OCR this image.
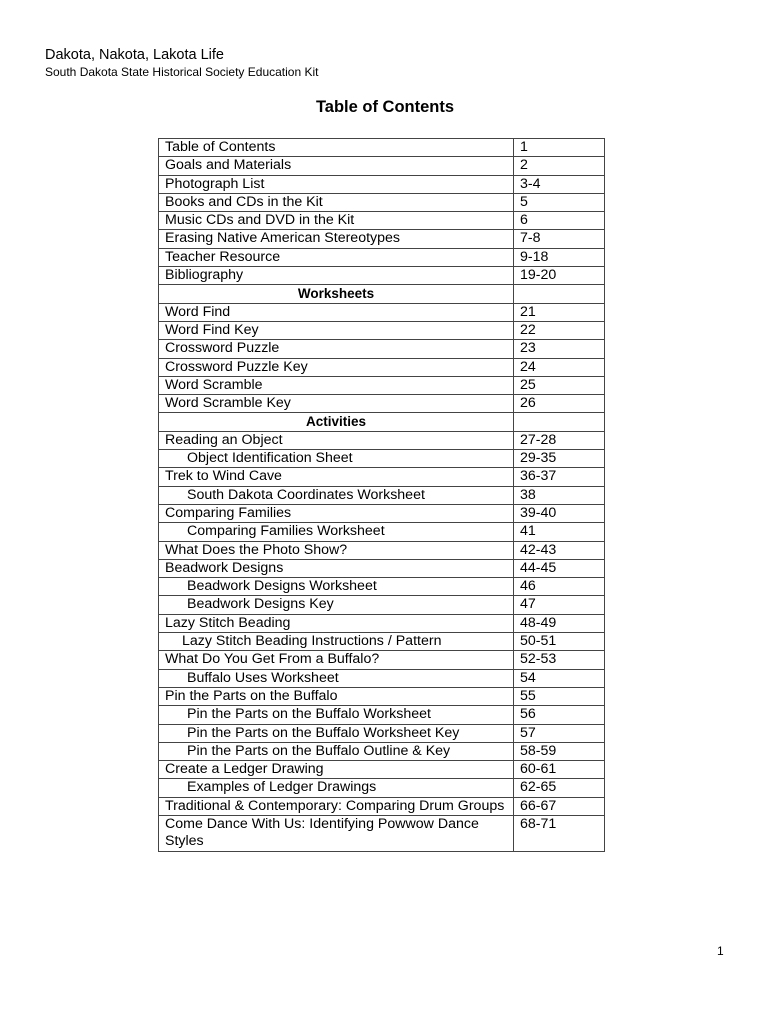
Dakota, Nakota, Lakota Life
South Dakota State Historical Society Education Kit
Table of Contents
Table of Contents	1
Goals and Materials	2
Photograph List	3-4
Books and CDs in the Kit	5
Music CDs and DVD in the Kit	6
Erasing Native American Stereotypes	7-8
Teacher Resource	9-18
Bibliography	19-20
Worksheets	
Word Find	21
Word Find Key	22
Crossword Puzzle	23
Crossword Puzzle Key	24
Word Scramble	25
Word Scramble Key	26
Activities	
Reading an Object	27-28
Object Identification Sheet	29-35
Trek to Wind Cave	36-37
South Dakota Coordinates Worksheet	38
Comparing Families	39-40
Comparing Families Worksheet	41
What Does the Photo Show?	42-43
Beadwork Designs	44-45
Beadwork Designs Worksheet	46
Beadwork Designs Key	47
Lazy Stitch Beading	48-49
Lazy Stitch Beading Instructions / Pattern	50-51
What Do You Get From a Buffalo?	52-53
Buffalo Uses Worksheet	54
Pin the Parts on the Buffalo	55
Pin the Parts on the Buffalo Worksheet	56
Pin the Parts on the Buffalo Worksheet Key	57
Pin the Parts on the Buffalo Outline & Key	58-59
Create a Ledger Drawing	60-61
Examples of Ledger Drawings	62-65
Traditional & Contemporary: Comparing Drum Groups	66-67
Come Dance With Us: Identifying Powwow Dance Styles	68-71
1
